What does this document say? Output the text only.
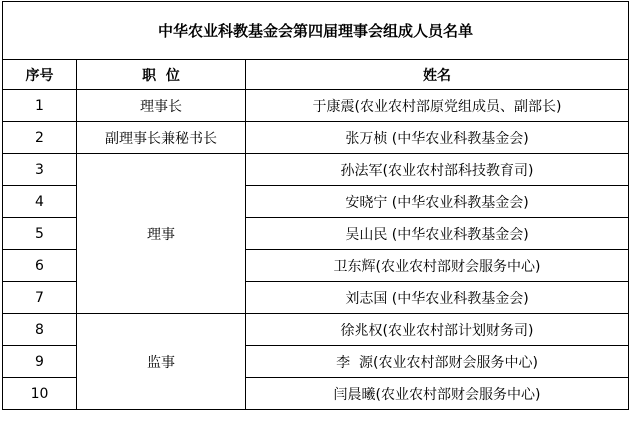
中华农业科教基金会第四届理事会组成人员名单		
序号	职  位	姓名
1	理事长	于康震(农业农村部原党组成员、副部长)
2	副理事长兼秘书长	张万桢 (中华农业科教基金会)
3	理事	孙法军(农业农村部科技教育司)
4		安晓宁 (中华农业科教基金会)
5		吴山民 (中华农业科教基金会)
6		卫东辉(农业农村部财会服务中心)
7		刘志国 (中华农业科教基金会)
8	监事	徐兆权(农业农村部计划财务司)
9		李  源(农业农村部财会服务中心)
10		闫晨曦(农业农村部财会服务中心)
